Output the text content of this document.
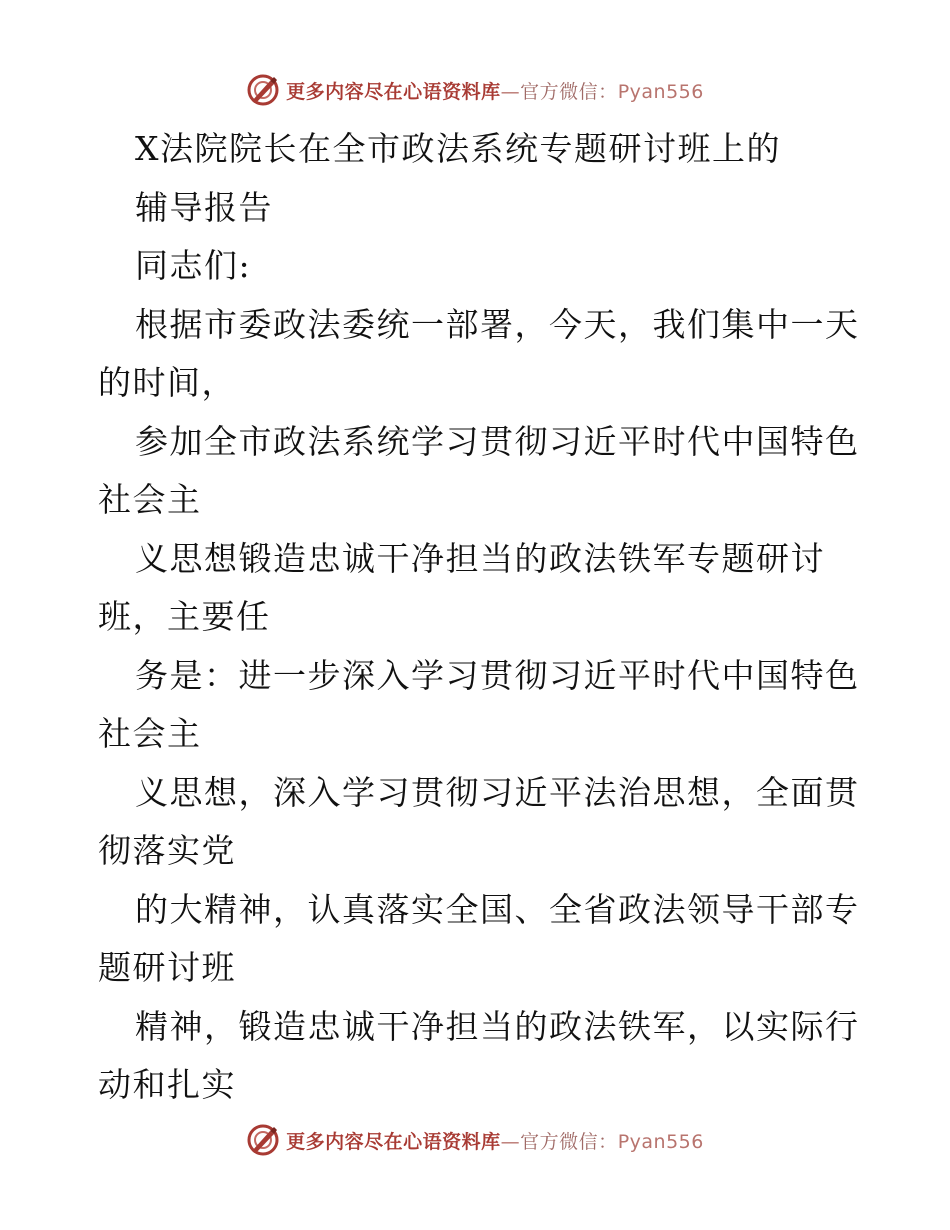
更多内容尽在心语资料库—官方微信：Pyan556
X法院院长在全市政法系统专题研讨班上的
辅导报告
同志们:
根据市委政法委统一部署，今天，我们集中一天
的时间，
参加全市政法系统学习贯彻习近平时代中国特色
社会主
义思想锻造忠诚干净担当的政法铁军专题研讨
班，主要任
务是：进一步深入学习贯彻习近平时代中国特色
社会主
义思想，深入学习贯彻习近平法治思想，全面贯
彻落实党
的大精神，认真落实全国、全省政法领导干部专
题研讨班
精神，锻造忠诚干净担当的政法铁军，以实际行
动和扎实
更多内容尽在心语资料库—官方微信：Pyan556
